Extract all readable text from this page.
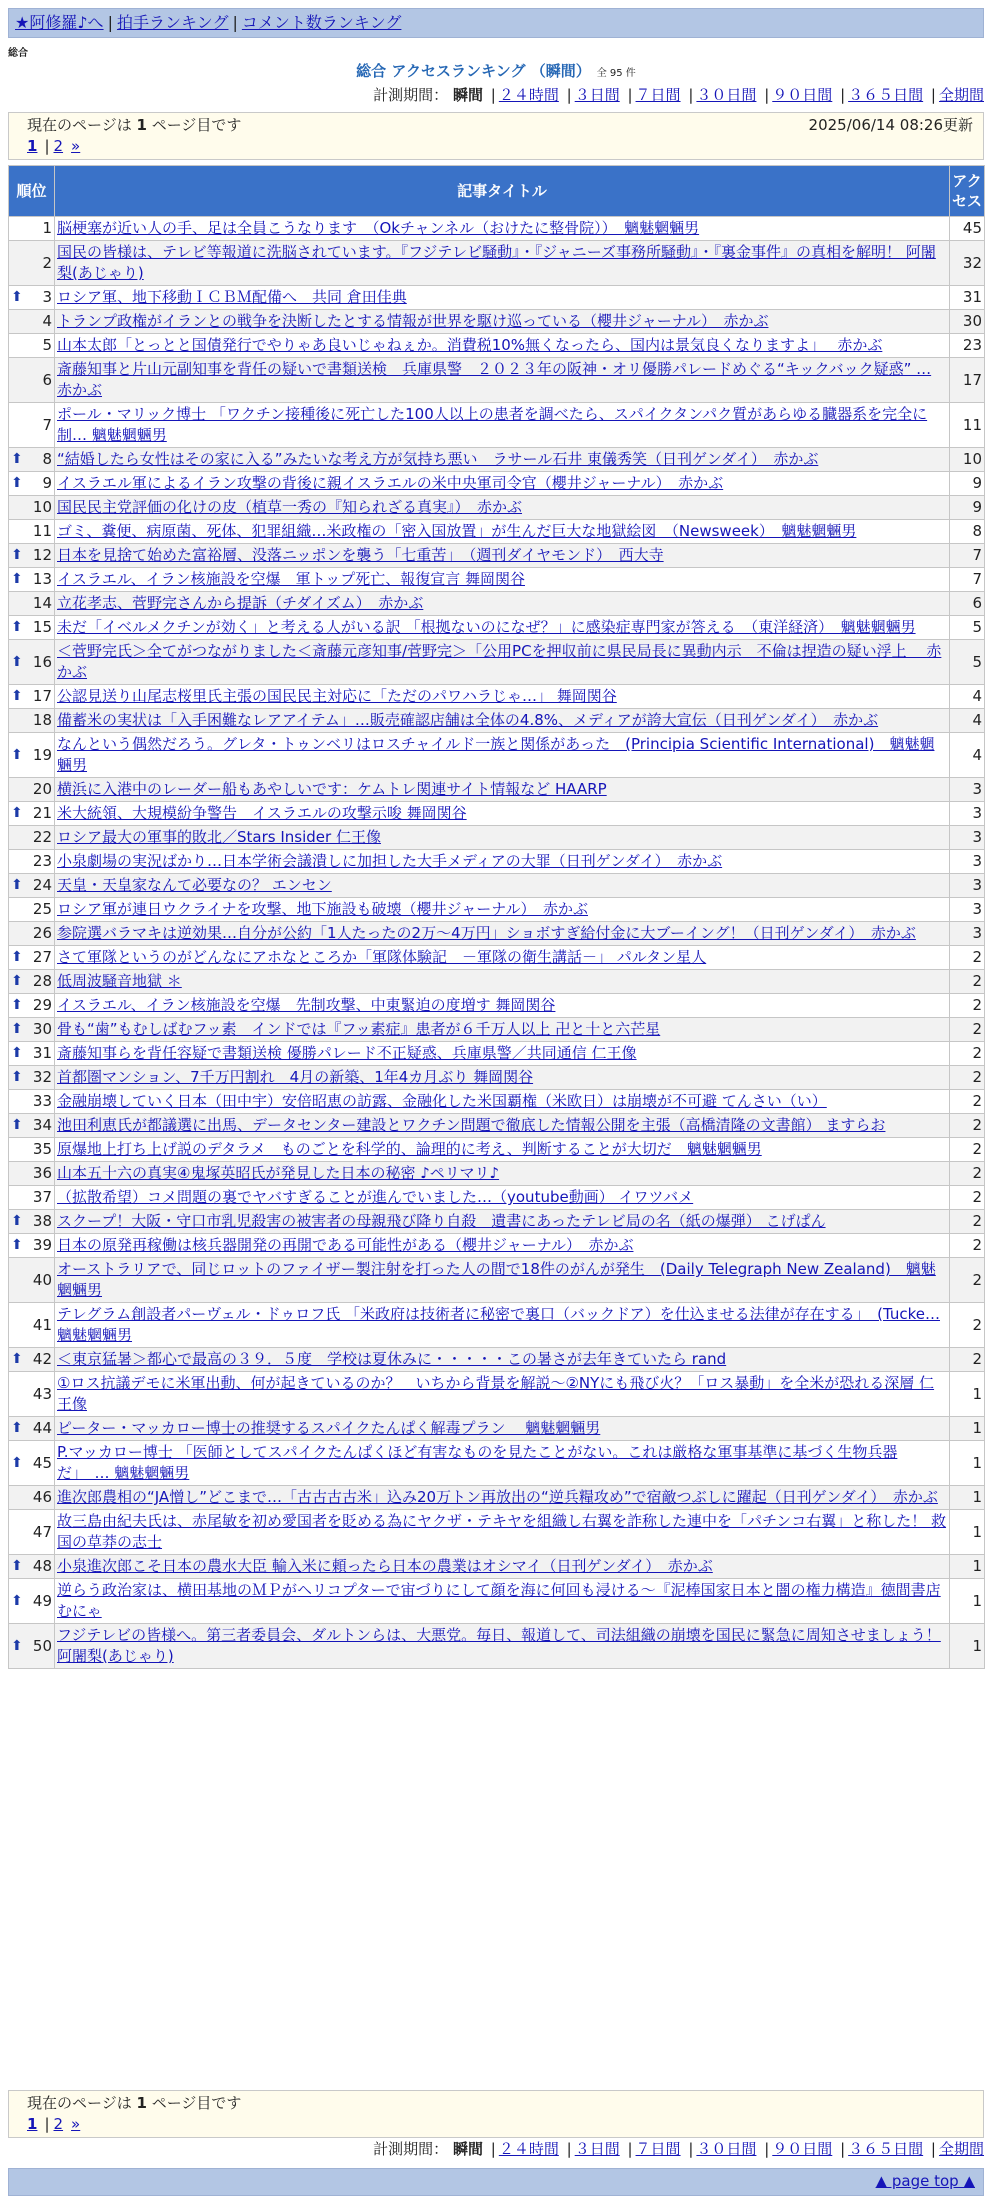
★阿修羅♪へ | 拍手ランキング | コメント数ランキング
総合
総合 アクセスランキング （瞬間） 全 95 件
計測期間： 瞬間 | ２４時間 | ３日間 | ７日間 | ３０日間 | ９０日間 | ３６５日間 | 全期間
2025/06/14 08:26更新
現在のページは 1 ページ目です
1 | 2 »
順位	記事タイトル	アクセス
1	脳梗塞が近い人の手、足は全員こうなります　（Okチャンネル（おけたに整骨院））　魑魅魍魎男	45
2	国民の皆様は、テレビ等報道に洗脳されています。『フジテレビ騒動』・『ジャニーズ事務所騒動』・『裏金事件』の真相を解明！ 阿闍梨(あじゃり)	32

⬆ 3	ロシア軍、地下移動ＩＣＢＭ配備へ　共同 倉田佳典	31
4	トランプ政権がイランとの戦争を決断したとする情報が世界を駆け巡っている（櫻井ジャーナル）　赤かぶ	30
5	山本太郎「とっとと国債発行でやりゃあ良いじゃねぇか。消費税10%無くなったら、国内は景気良くなりますよ」　 赤かぶ	23
6	斎藤知事と片山元副知事を背任の疑いで書類送検　兵庫県警　２０２３年の阪神・オリ優勝パレードめぐる“キックバック疑惑” … 赤かぶ	17
7	ポール・マリック博士 「ワクチン接種後に死亡した100人以上の患者を調べたら、スパイクタンパク質があらゆる臓器系を完全に制… 魑魅魍魎男	11

⬆ 8	“結婚したら女性はその家に入る”みたいな考え方が気持ち悪い　ラサール石井 東儀秀笑（日刊ゲンダイ）　赤かぶ	10

⬆ 9	イスラエル軍によるイラン攻撃の背後に親イスラエルの米中央軍司令官（櫻井ジャーナル）　赤かぶ	9
10	国民民主党評価の化けの皮（植草一秀の『知られざる真実』）　赤かぶ	9
11	ゴミ、糞便、病原菌、死体、犯罪組織…米政権の「密入国放置」が生んだ巨大な地獄絵図　（Newsweek）　魑魅魍魎男	8

⬆ 12	日本を見捨て始めた富裕層、没落ニッポンを襲う「七重苦」　（週刊ダイヤモンド）　西大寺	7

⬆ 13	イスラエル、イラン核施設を空爆　軍トップ死亡、報復宣言 舞岡関谷	7
14	立花孝志、菅野完さんから提訴（チダイズム）　赤かぶ	6

⬆ 15	未だ「イベルメクチンが効く」と考える人がいる訳 「根拠ないのになぜ？」に感染症専門家が答える　（東洋経済）　魑魅魍魎男	5

⬆ 16	＜菅野完氏＞全てがつながりました＜斎藤元彦知事/菅野完＞「公用PCを押収前に県民局長に異動内示　不倫は捏造の疑い浮上　 赤かぶ	5

⬆ 17	公認見送り山尾志桜里氏主張の国民民主対応に「ただのパワハラじゃ…」 舞岡関谷	4
18	備蓄米の実状は「入手困難なレアアイテム」…販売確認店舗は全体の4.8%、メディアが誇大宣伝（日刊ゲンダイ）　赤かぶ	4

⬆ 19	なんという偶然だろう。グレタ・トゥンベリはロスチャイルド一族と関係があった　(Principia Scientific International)　魑魅魍魎男	4
20	横浜に入港中のレーダー船もあやしいです：ケムトレ関連サイト情報など HAARP	3

⬆ 21	米大統領、大規模紛争警告　イスラエルの攻撃示唆 舞岡関谷	3
22	ロシア最大の軍事的敗北／Stars Insider 仁王像	3
23	小泉劇場の実況ばかり…日本学術会議潰しに加担した大手メディアの大罪（日刊ゲンダイ）　赤かぶ	3

⬆ 24	天皇・天皇家なんて必要なの？ エンセン	3
25	ロシア軍が連日ウクライナを攻撃、地下施設も破壊（櫻井ジャーナル）　赤かぶ	3
26	参院選バラマキは逆効果…自分が公約「1人たったの2万〜4万円」ショボすぎ給付金に大ブーイング！（日刊ゲンダイ）　赤かぶ	3

⬆ 27	さて軍隊というのがどんなにアホなところか「軍隊体験記　－軍隊の衛生講話－」 パルタン星人	2

⬆ 28	低周波騒音地獄 ＊	2

⬆ 29	イスラエル、イラン核施設を空爆　先制攻撃、中東緊迫の度増す 舞岡関谷	2

⬆ 30	骨も“歯”もむしばむフッ素　インドでは『フッ素症』患者が６千万人以上 卍と十と六芒星	2

⬆ 31	斎藤知事らを背任容疑で書類送検 優勝パレード不正疑惑、兵庫県警／共同通信 仁王像	2

⬆ 32	首都圏マンション、7千万円割れ　4月の新築、1年4カ月ぶり 舞岡関谷	2
33	金融崩壊していく日本（田中宇）安倍昭恵の訪露、金融化した米国覇権（米欧日）は崩壊が不可避 てんさい（い）	2

⬆ 34	池田利恵氏が都議選に出馬、データセンター建設とワクチン問題で徹底した情報公開を主張（高橋清隆の文書館） ますらお	2
35	原爆地上打ち上げ説のデタラメ　ものごとを科学的、論理的に考え、判断することが大切だ　魑魅魍魎男	2
36	山本五十六の真実④鬼塚英昭氏が発見した日本の秘密 ♪ペリマリ♪	2
37	（拡散希望）コメ問題の裏でヤバすぎることが進んでいました…（youtube動画） イワツバメ	2

⬆ 38	スクープ！大阪・守口市乳児殺害の被害者の母親飛び降り自殺　遺書にあったテレビ局の名（紙の爆弾） こげぱん	2

⬆ 39	日本の原発再稼働は核兵器開発の再開である可能性がある（櫻井ジャーナル）　赤かぶ	2
40	オーストラリアで、同じロットのファイザー製注射を打った人の間で18件のがんが発生　(Daily Telegraph New Zealand)　魑魅魍魎男	2
41	テレグラム創設者パーヴェル・ドゥロフ氏 「米政府は技術者に秘密で裏口（バックドア）を仕込ませる法律が存在する」　(Tucke… 魑魅魍魎男	2

⬆ 42	＜東京猛暑＞都心で最高の３９．５度　学校は夏休みに・・・・・この暑さが去年きていたら rand	2
43	①ロス抗議デモに米軍出動、何が起きているのか？　いちから背景を解説～②NYにも飛び火？「ロス暴動」を全米が恐れる深層 仁王像	1

⬆ 44	ピーター・マッカロー博士の推奨するスパイクたんぱく解毒プラン　 魑魅魍魎男	1

⬆ 45	P.マッカロー博士 「医師としてスパイクたんぱくほど有害なものを見たことがない。これは厳格な軍事基準に基づく生物兵器だ」　… 魑魅魍魎男	1
46	進次郎農相の“JA憎し”どこまで…「古古古古米」込み20万トン再放出の“逆兵糧攻め”で宿敵つぶしに躍起（日刊ゲンダイ）　赤かぶ	1
47	故三島由紀夫氏は、赤尾敏を初め愛国者を貶める為にヤクザ・テキヤを組織し右翼を詐称した連中を「パチンコ右翼」と称した！ 救国の草莽の志士	1

⬆ 48	小泉進次郎こそ日本の農水大臣 輸入米に頼ったら日本の農業はオシマイ（日刊ゲンダイ）　赤かぶ	1

⬆ 49	逆らう政治家は、横田基地のＭＰがヘリコプターで宙づりにして顔を海に何回も浸ける～『泥棒国家日本と闇の権力構造』徳間書店 むにゃ	1

⬆ 50	フジテレビの皆様へ。第三者委員会、ダルトンらは、大悪党。毎日、報道して、司法組織の崩壊を国民に緊急に周知させましょう！ 阿闍梨(あじゃり)	1
現在のページは 1 ページ目です
1 | 2 »
計測期間： 瞬間 | ２４時間 | ３日間 | ７日間 | ３０日間 | ９０日間 | ３６５日間 | 全期間
▲ page top ▲
